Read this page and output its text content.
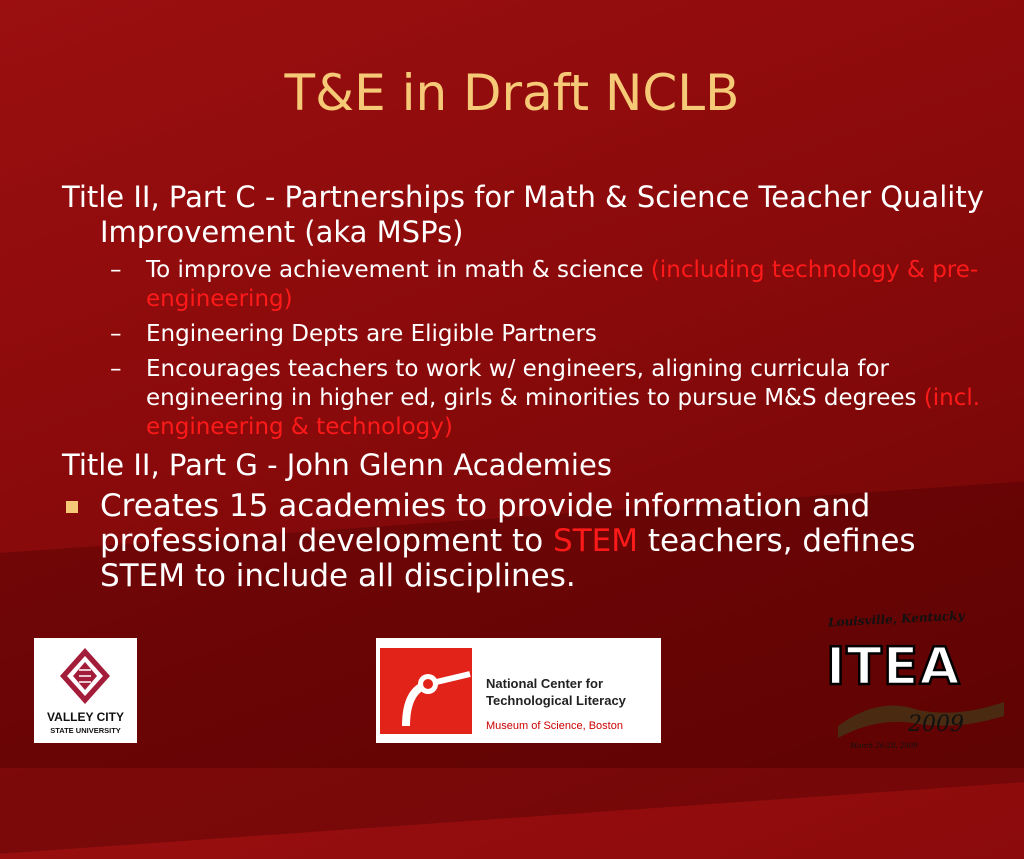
T&E in Draft NCLB
Title II, Part C - Partnerships for Math & Science Teacher Quality Improvement (aka MSPs)
– To improve achievement in math & science (including technology & pre-engineering)
– Engineering Depts are Eligible Partners
– Encourages teachers to work w/ engineers, aligning curricula for engineering in higher ed, girls & minorities to pursue M&S degrees (incl. engineering & technology)
Title II, Part G - John Glenn Academies
Creates 15 academies to provide information and professional development to STEM teachers, defines STEM to include all disciplines.
VALLEY CITY
STATE UNIVERSITY
National Center for
Technological Literacy
Museum of Science, Boston
Louisville, Kentucky
ITEA
2009
March 26-28, 2009
